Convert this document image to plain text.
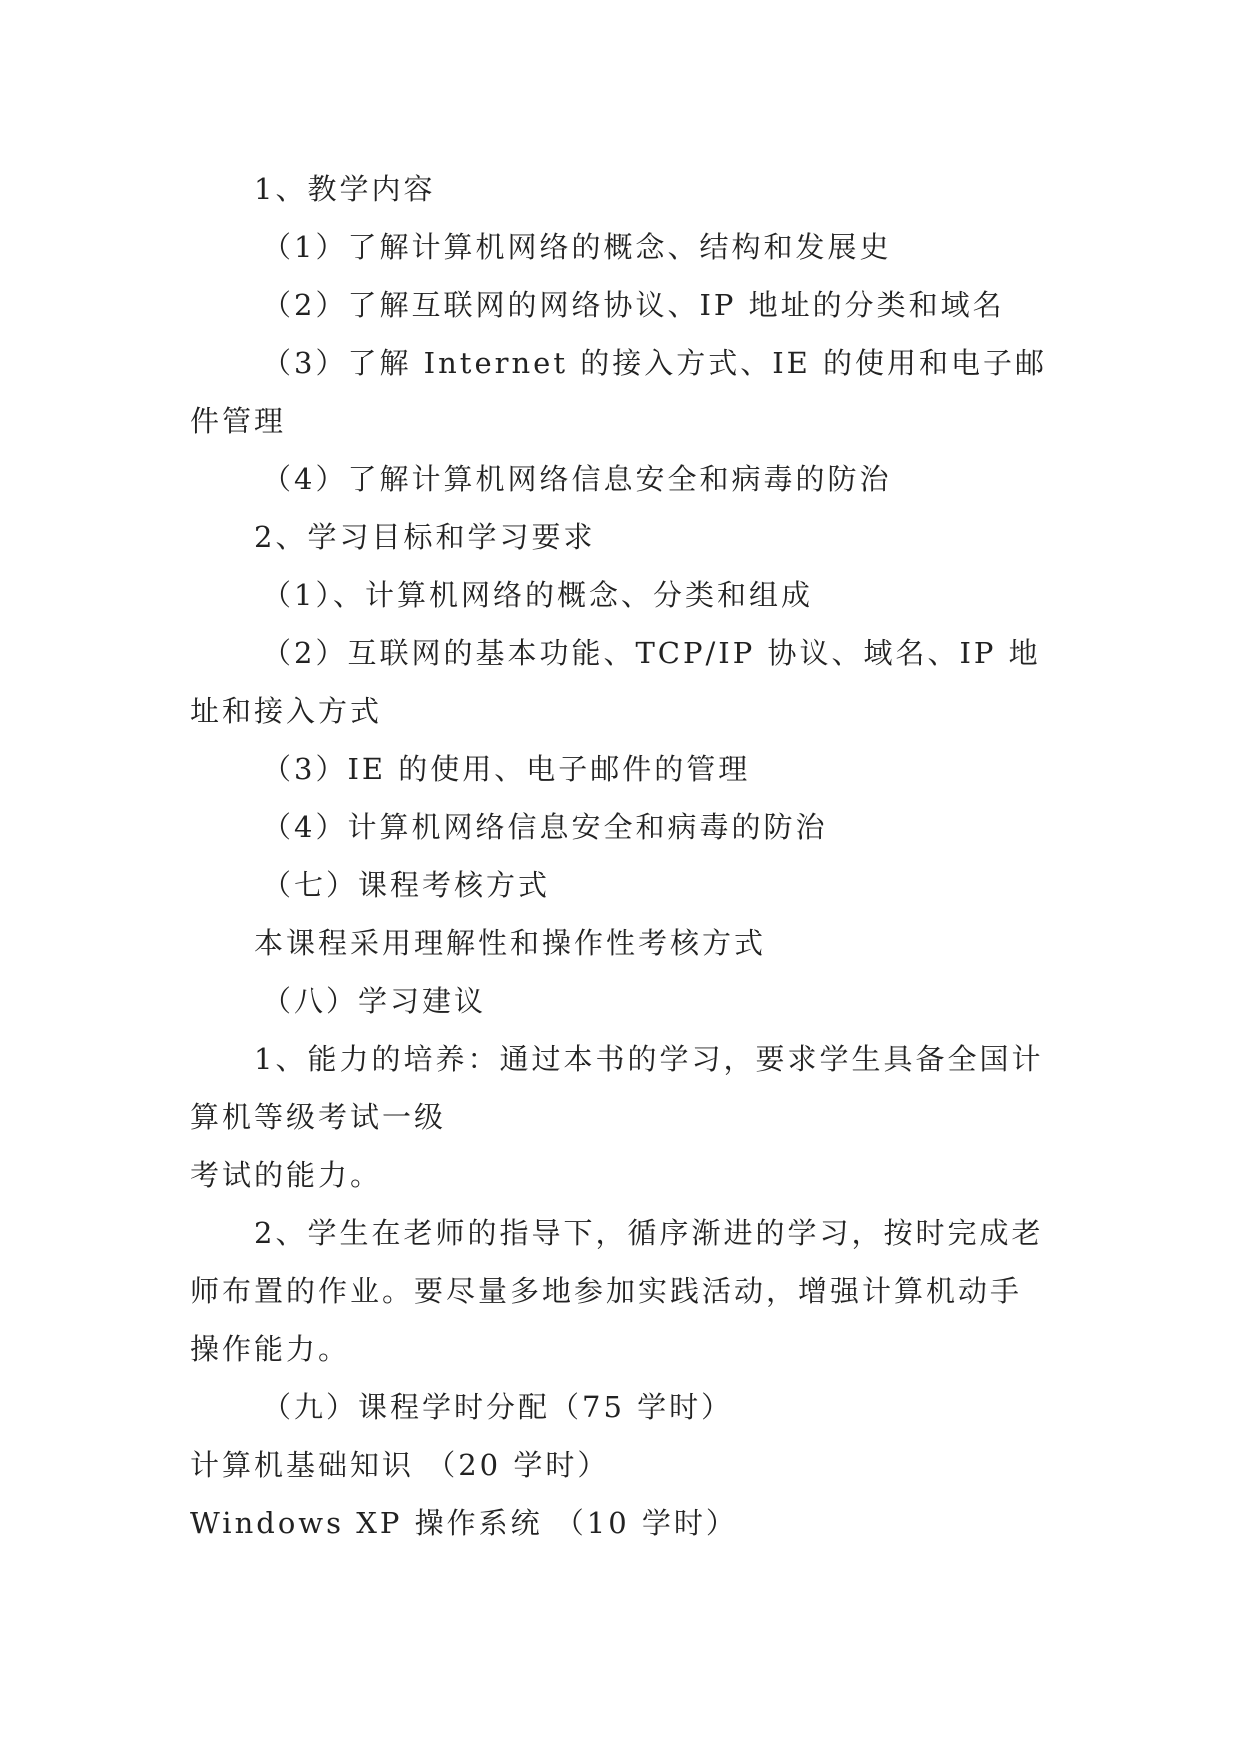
1、教学内容

（1）了解计算机网络的概念、结构和发展史

（2）了解互联网的网络协议、IP 地址的分类和域名

（3）了解 Internet 的接入方式、IE 的使用和电子邮件管理

（4）了解计算机网络信息安全和病毒的防治

2、学习目标和学习要求

（1）、计算机网络的概念、分类和组成

（2）互联网的基本功能、TCP/IP 协议、域名、IP 地址和接入方式

（3）IE 的使用、电子邮件的管理

（4）计算机网络信息安全和病毒的防治

（七）课程考核方式

本课程采用理解性和操作性考核方式

（八）学习建议

1、能力的培养：通过本书的学习，要求学生具备全国计算机等级考试一级

考试的能力。

2、学生在老师的指导下，循序渐进的学习，按时完成老师布置的作业。要尽量多地参加实践活动，增强计算机动手操作能力。

（九）课程学时分配（75 学时）

计算机基础知识 （20 学时）

Windows XP 操作系统 （10 学时）
